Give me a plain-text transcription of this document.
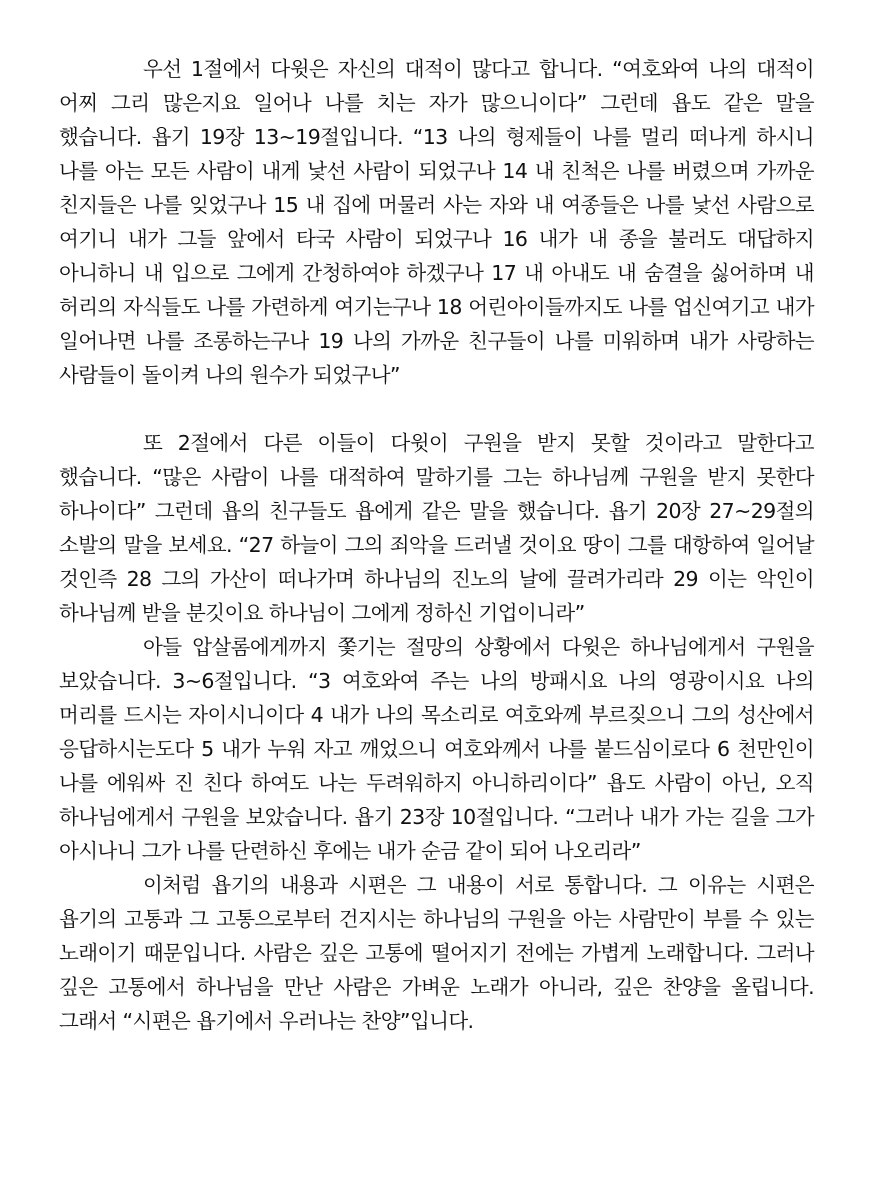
우선 1절에서 다윗은 자신의 대적이 많다고 합니다. “여호와여 나의 대적이 어찌 그리 많은지요 일어나 나를 치는 자가 많으니이다” 그런데 욥도 같은 말을 했습니다. 욥기 19장 13~19절입니다. “13 나의 형제들이 나를 멀리 떠나게 하시니 나를 아는 모든 사람이 내게 낯선 사람이 되었구나 14 내 친척은 나를 버렸으며 가까운 친지들은 나를 잊었구나 15 내 집에 머물러 사는 자와 내 여종들은 나를 낯선 사람으로 여기니 내가 그들 앞에서 타국 사람이 되었구나 16 내가 내 종을 불러도 대답하지 아니하니 내 입으로 그에게 간청하여야 하겠구나 17 내 아내도 내 숨결을 싫어하며 내 허리의 자식들도 나를 가련하게 여기는구나 18 어린아이들까지도 나를 업신여기고 내가 일어나면 나를 조롱하는구나 19 나의 가까운 친구들이 나를 미워하며 내가 사랑하는 사람들이 돌이켜 나의 원수가 되었구나”

또 2절에서 다른 이들이 다윗이 구원을 받지 못할 것이라고 말한다고 했습니다. “많은 사람이 나를 대적하여 말하기를 그는 하나님께 구원을 받지 못한다 하나이다” 그런데 욥의 친구들도 욥에게 같은 말을 했습니다. 욥기 20장 27~29절의 소발의 말을 보세요. “27 하늘이 그의 죄악을 드러낼 것이요 땅이 그를 대항하여 일어날 것인즉 28 그의 가산이 떠나가며 하나님의 진노의 날에 끌려가리라 29 이는 악인이 하나님께 받을 분깃이요 하나님이 그에게 정하신 기업이니라”

아들 압살롬에게까지 쫓기는 절망의 상황에서 다윗은 하나님에게서 구원을 보았습니다. 3~6절입니다. “3 여호와여 주는 나의 방패시요 나의 영광이시요 나의 머리를 드시는 자이시니이다 4 내가 나의 목소리로 여호와께 부르짖으니 그의 성산에서 응답하시는도다 5 내가 누워 자고 깨었으니 여호와께서 나를 붙드심이로다 6 천만인이 나를 에워싸 진 친다 하여도 나는 두려워하지 아니하리이다” 욥도 사람이 아닌, 오직 하나님에게서 구원을 보았습니다. 욥기 23장 10절입니다. “그러나 내가 가는 길을 그가 아시나니 그가 나를 단련하신 후에는 내가 순금 같이 되어 나오리라”

이처럼 욥기의 내용과 시편은 그 내용이 서로 통합니다. 그 이유는 시편은 욥기의 고통과 그 고통으로부터 건지시는 하나님의 구원을 아는 사람만이 부를 수 있는 노래이기 때문입니다. 사람은 깊은 고통에 떨어지기 전에는 가볍게 노래합니다. 그러나 깊은 고통에서 하나님을 만난 사람은 가벼운 노래가 아니라, 깊은 찬양을 올립니다. 그래서 “시편은 욥기에서 우러나는 찬양”입니다.
